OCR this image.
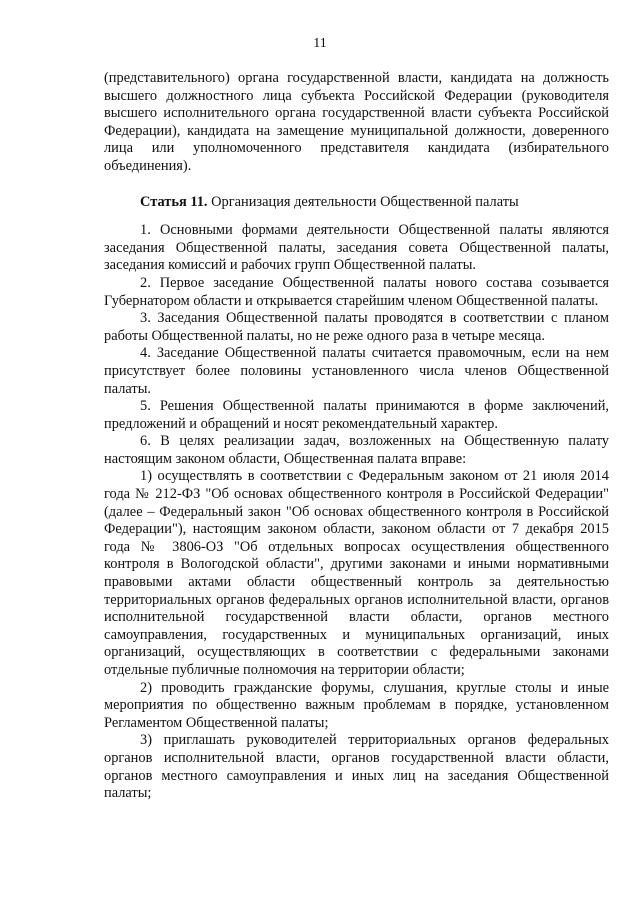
11

(представительного) органа государственной власти, кандидата на должность высшего должностного лица субъекта Российской Федерации (руководителя высшего исполнительного органа государственной власти субъекта Российской Федерации), кандидата на замещение муниципальной должности, доверенного лица или уполномоченного представителя кандидата (избирательного объединения).

Статья 11. Организация деятельности Общественной палаты

1. Основными формами деятельности Общественной палаты являются заседания Общественной палаты, заседания совета Общественной палаты, заседания комиссий и рабочих групп Общественной палаты.

2. Первое заседание Общественной палаты нового состава созывается Губернатором области и открывается старейшим членом Общественной палаты.

3. Заседания Общественной палаты проводятся в соответствии с планом работы Общественной палаты, но не реже одного раза в четыре месяца.

4. Заседание Общественной палаты считается правомочным, если на нем присутствует более половины установленного числа членов Общественной палаты.

5. Решения Общественной палаты принимаются в форме заключений, предложений и обращений и носят рекомендательный характер.

6. В целях реализации задач, возложенных на Общественную палату настоящим законом области, Общественная палата вправе:

1) осуществлять в соответствии с Федеральным законом от 21 июля 2014 года № 212-ФЗ "Об основах общественного контроля в Российской Федерации" (далее – Федеральный закон "Об основах общественного контроля в Российской Федерации"), настоящим законом области, законом области от 7 декабря 2015 года № 3806-ОЗ "Об отдельных вопросах осуществления общественного контроля в Вологодской области", другими законами и иными нормативными правовыми актами области общественный контроль за деятельностью территориальных органов федеральных органов исполнительной власти, органов исполнительной государственной власти области, органов местного самоуправления, государственных и муниципальных организаций, иных организаций, осуществляющих в соответствии с федеральными законами отдельные публичные полномочия на территории области;

2) проводить гражданские форумы, слушания, круглые столы и иные мероприятия по общественно важным проблемам в порядке, установленном Регламентом Общественной палаты;

3) приглашать руководителей территориальных органов федеральных органов исполнительной власти, органов государственной власти области, органов местного самоуправления и иных лиц на заседания Общественной палаты;
